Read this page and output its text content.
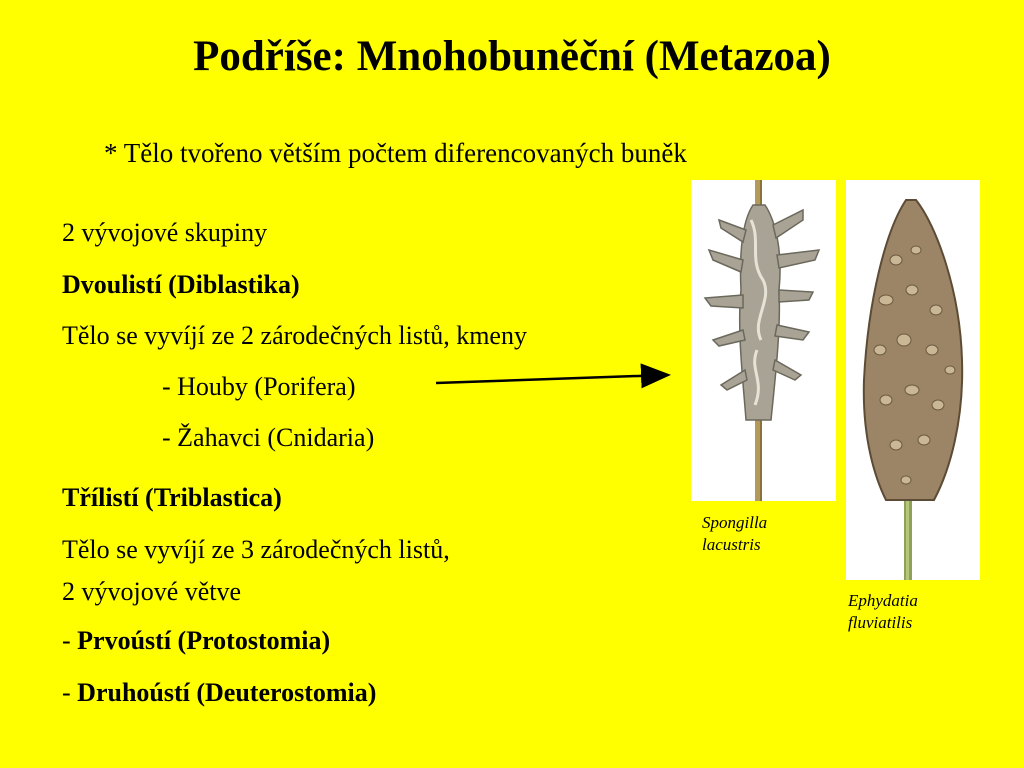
Podříše: Mnohobuněční (Metazoa)
* Tělo tvořeno větším počtem diferencovaných buněk
2 vývojové skupiny
Dvoulistí (Diblastika)
Tělo se vyvíjí ze 2 zárodečných listů, kmeny
- Houby (Porifera)
- Žahavci (Cnidaria)
Třílistí (Triblastica)
Tělo se vyvíjí ze 3 zárodečných listů,
2 vývojové větve
- Prvoústí (Protostomia)
- Druhoústí (Deuterostomia)
Spongilla
lacustris
Ephydatia
fluviatilis
